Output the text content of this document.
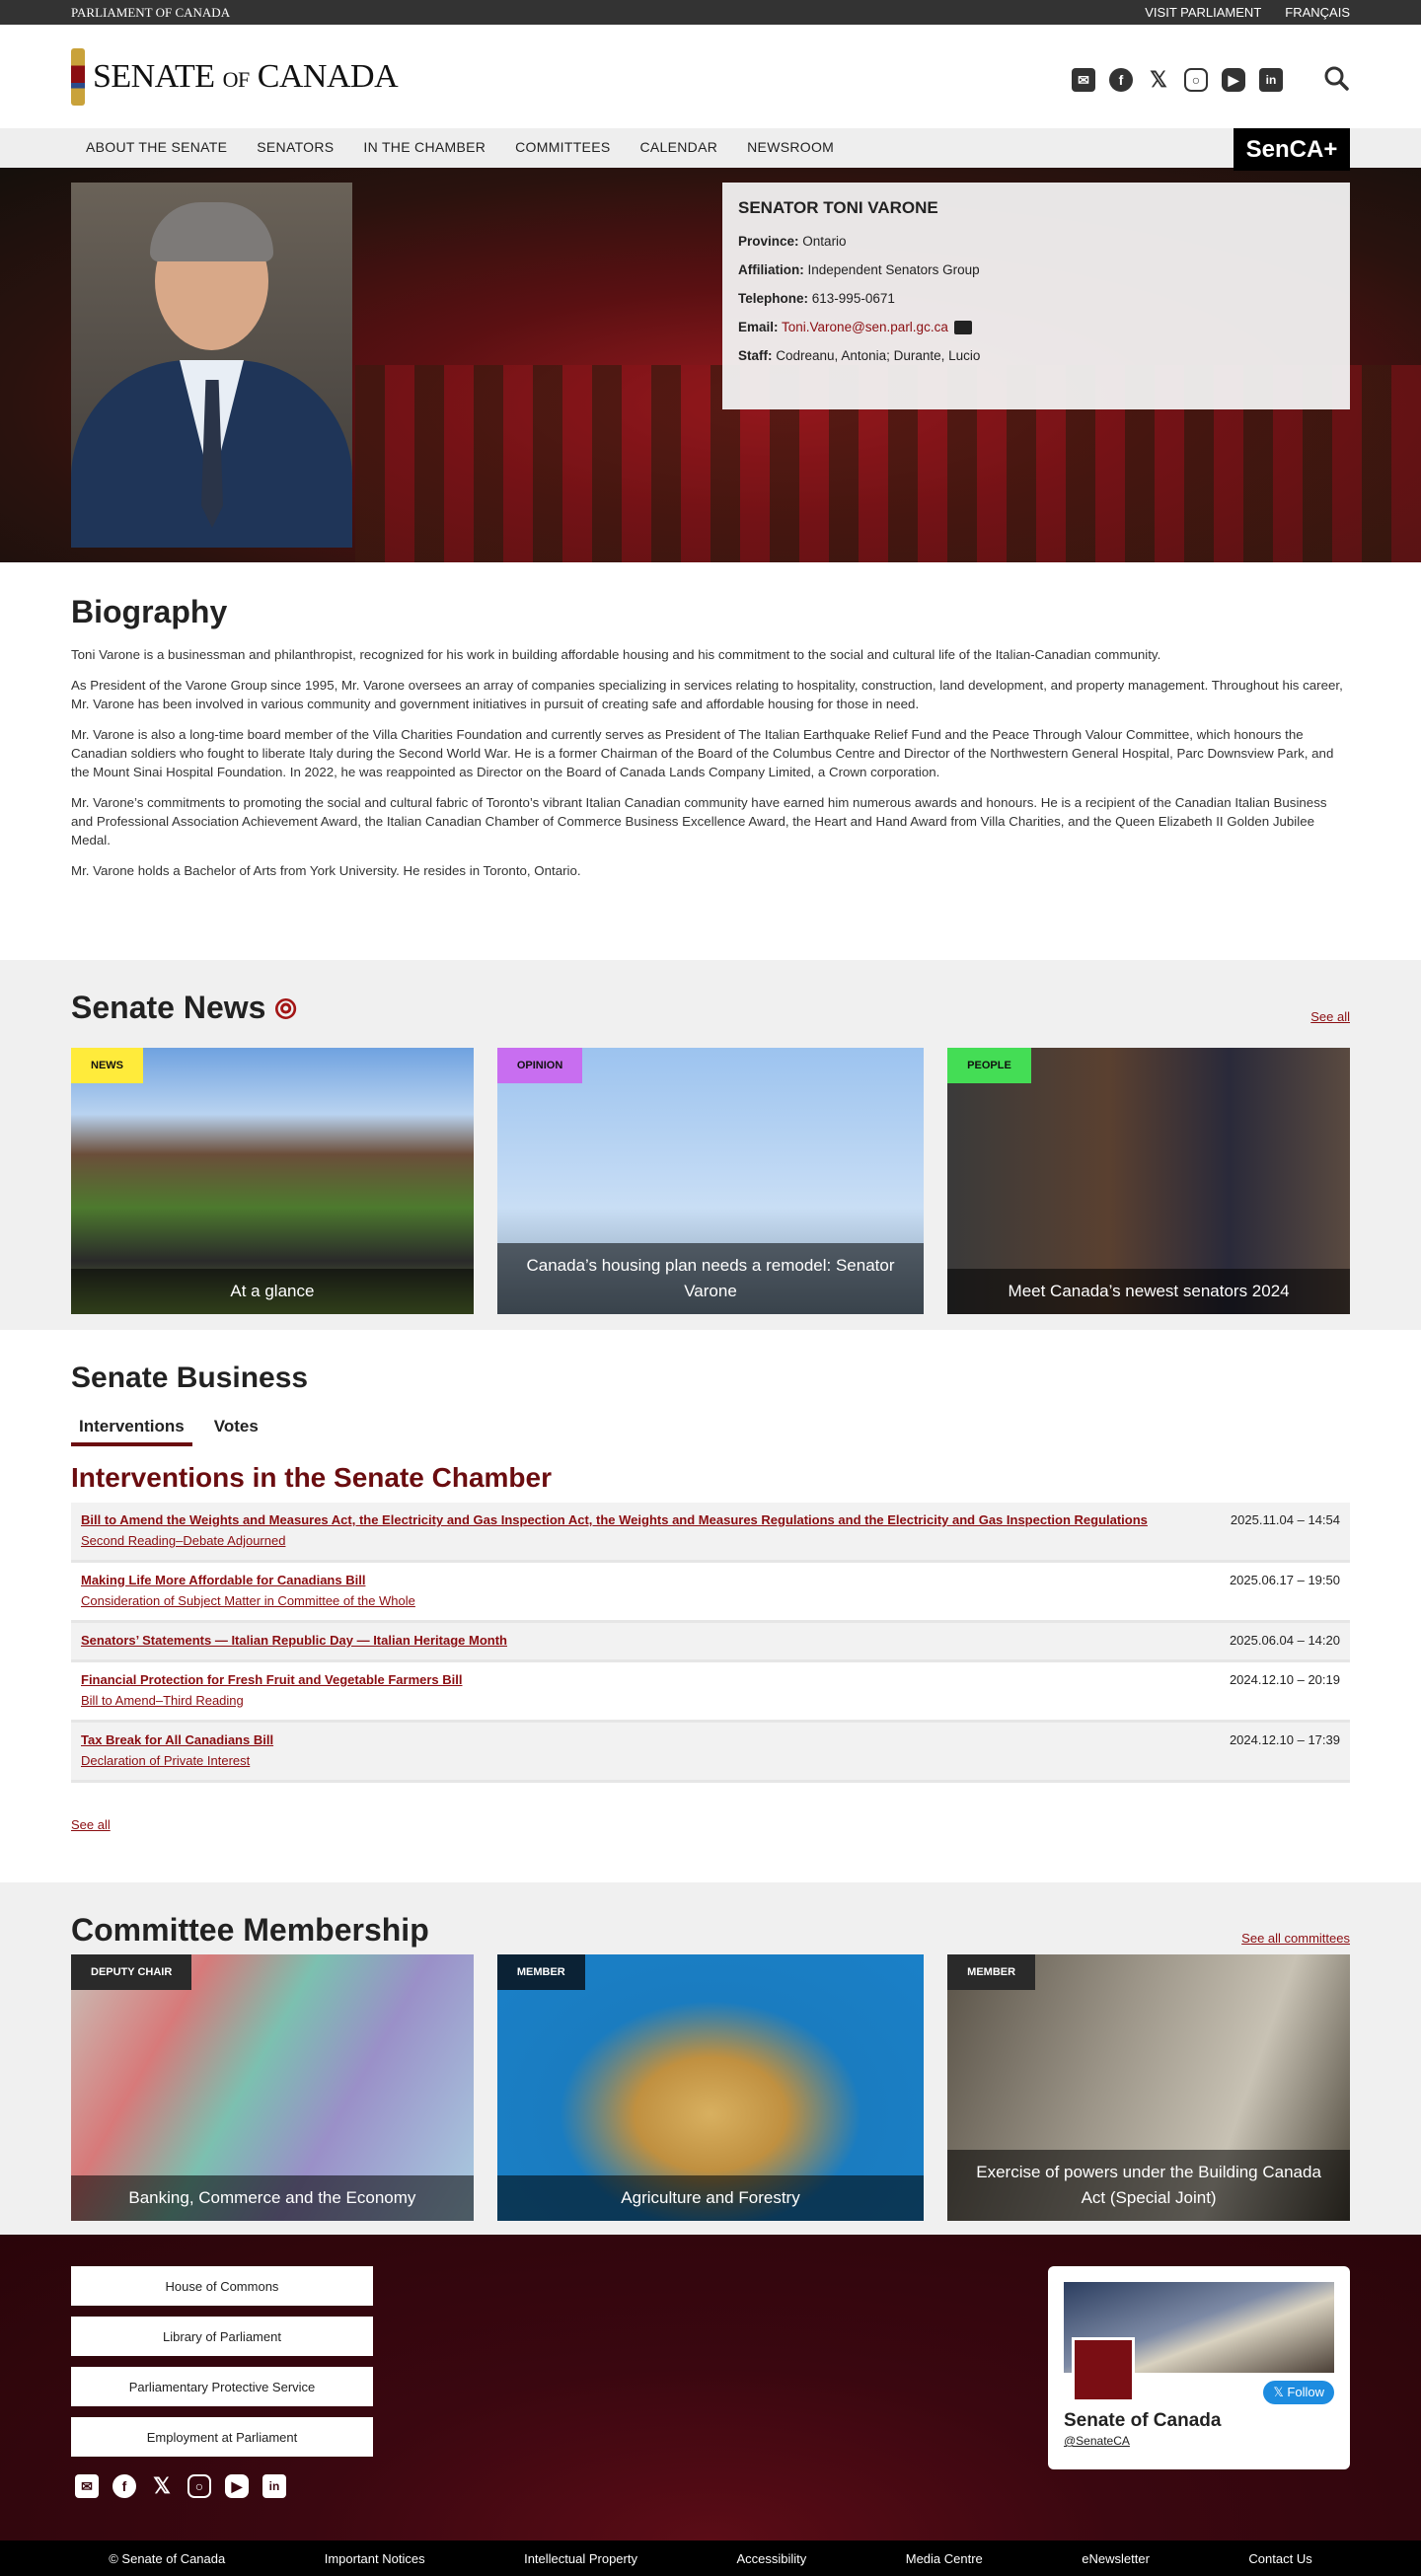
PARLIAMENT OF CANADA	VISIT PARLIAMENT FRANÇAIS
SENATE OF CANADA	✉	f	𝕏	○	▶	in
ABOUT THE SENATE	SENATORS	IN THE CHAMBER	COMMITTEES	CALENDAR	NEWSROOM	SenCA+
SENATOR TONI VARONE

Province: Ontario

Affiliation: Independent Senators Group

Telephone: 613-995-0671

Email: Toni.Varone@sen.parl.gc.ca

Staff: Codreanu, Antonia; Durante, Lucio

Biography

Toni Varone is a businessman and philanthropist, recognized for his work in building affordable housing and his commitment to the social and cultural life of the Italian-Canadian community.

As President of the Varone Group since 1995, Mr. Varone oversees an array of companies specializing in services relating to hospitality, construction, land development, and property management. Throughout his career, Mr. Varone has been involved in various community and government initiatives in pursuit of creating safe and affordable housing for those in need.

Mr. Varone is also a long-time board member of the Villa Charities Foundation and currently serves as President of The Italian Earthquake Relief Fund and the Peace Through Valour Committee, which honours the Canadian soldiers who fought to liberate Italy during the Second World War. He is a former Chairman of the Board of the Columbus Centre and Director of the Northwestern General Hospital, Parc Downsview Park, and the Mount Sinai Hospital Foundation. In 2022, he was reappointed as Director on the Board of Canada Lands Company Limited, a Crown corporation.

Mr. Varone’s commitments to promoting the social and cultural fabric of Toronto’s vibrant Italian Canadian community have earned him numerous awards and honours. He is a recipient of the Canadian Italian Business and Professional Association Achievement Award, the Italian Canadian Chamber of Commerce Business Excellence Award, the Heart and Hand Award from Villa Charities, and the Queen Elizabeth II Golden Jubilee Medal.

Mr. Varone holds a Bachelor of Arts from York University. He resides in Toronto, Ontario.

Senate News ⦾	See all
NEWS
At a glance
OPINION
Canada’s housing plan needs a remodel: Senator Varone
PEOPLE
Meet Canada’s newest senators 2024
Senate Business
Interventions	Votes
Interventions in the Senate Chamber
Bill to Amend the Weights and Measures Act, the Electricity and Gas Inspection Act, the Weights and Measures Regulations and the Electricity and Gas Inspection Regulations
Second Reading–Debate Adjourned
2025.11.04 – 14:54
Making Life More Affordable for Canadians Bill
Consideration of Subject Matter in Committee of the Whole
2025.06.17 – 19:50
Senators’ Statements — Italian Republic Day — Italian Heritage Month	2025.06.04 – 14:20
Financial Protection for Fresh Fruit and Vegetable Farmers Bill
Bill to Amend–Third Reading
2024.12.10 – 20:19
Tax Break for All Canadians Bill
Declaration of Private Interest
2024.12.10 – 17:39
See all
Committee Membership	See all committees
DEPUTY CHAIR
Banking, Commerce and the Economy
MEMBER
Agriculture and Forestry
MEMBER
Exercise of powers under the Building Canada Act (Special Joint)
House of Commons
Library of Parliament
Parliamentary Protective Service
Employment at Parliament
✉	f	𝕏	○	▶	in
𝕏 Follow
Senate of Canada
@SenateCA
© Senate of Canada	Important Notices	Intellectual Property	Accessibility	Media Centre	eNewsletter	Contact Us
